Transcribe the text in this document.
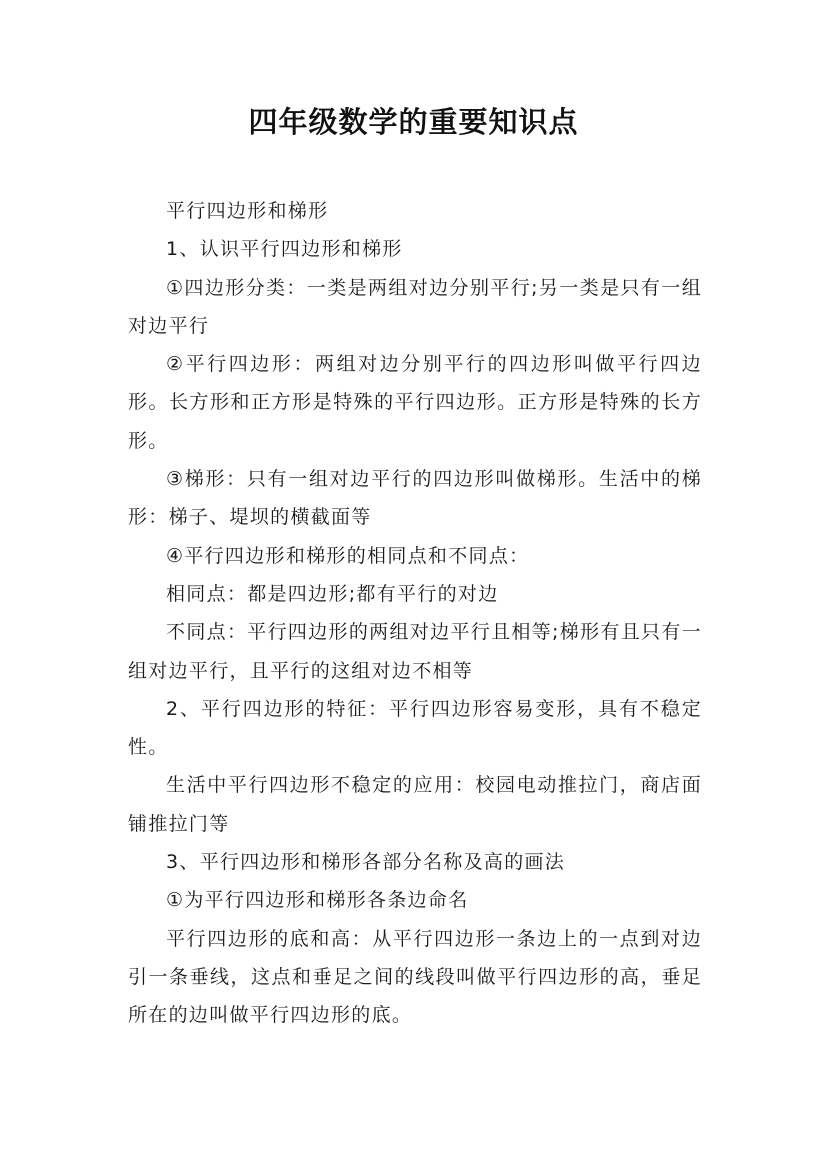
四年级数学的重要知识点

平行四边形和梯形

1、认识平行四边形和梯形

①四边形分类：一类是两组对边分别平行;另一类是只有一组对边平行

②平行四边形：两组对边分别平行的四边形叫做平行四边形。长方形和正方形是特殊的平行四边形。正方形是特殊的长方形。

③梯形：只有一组对边平行的四边形叫做梯形。生活中的梯形：梯子、堤坝的横截面等

④平行四边形和梯形的相同点和不同点：

相同点：都是四边形;都有平行的对边

不同点：平行四边形的两组对边平行且相等;梯形有且只有一组对边平行，且平行的这组对边不相等

2、平行四边形的特征：平行四边形容易变形，具有不稳定性。

生活中平行四边形不稳定的应用：校园电动推拉门，商店面铺推拉门等

3、平行四边形和梯形各部分名称及高的画法

①为平行四边形和梯形各条边命名

平行四边形的底和高：从平行四边形一条边上的一点到对边引一条垂线，这点和垂足之间的线段叫做平行四边形的高，垂足所在的边叫做平行四边形的底。
